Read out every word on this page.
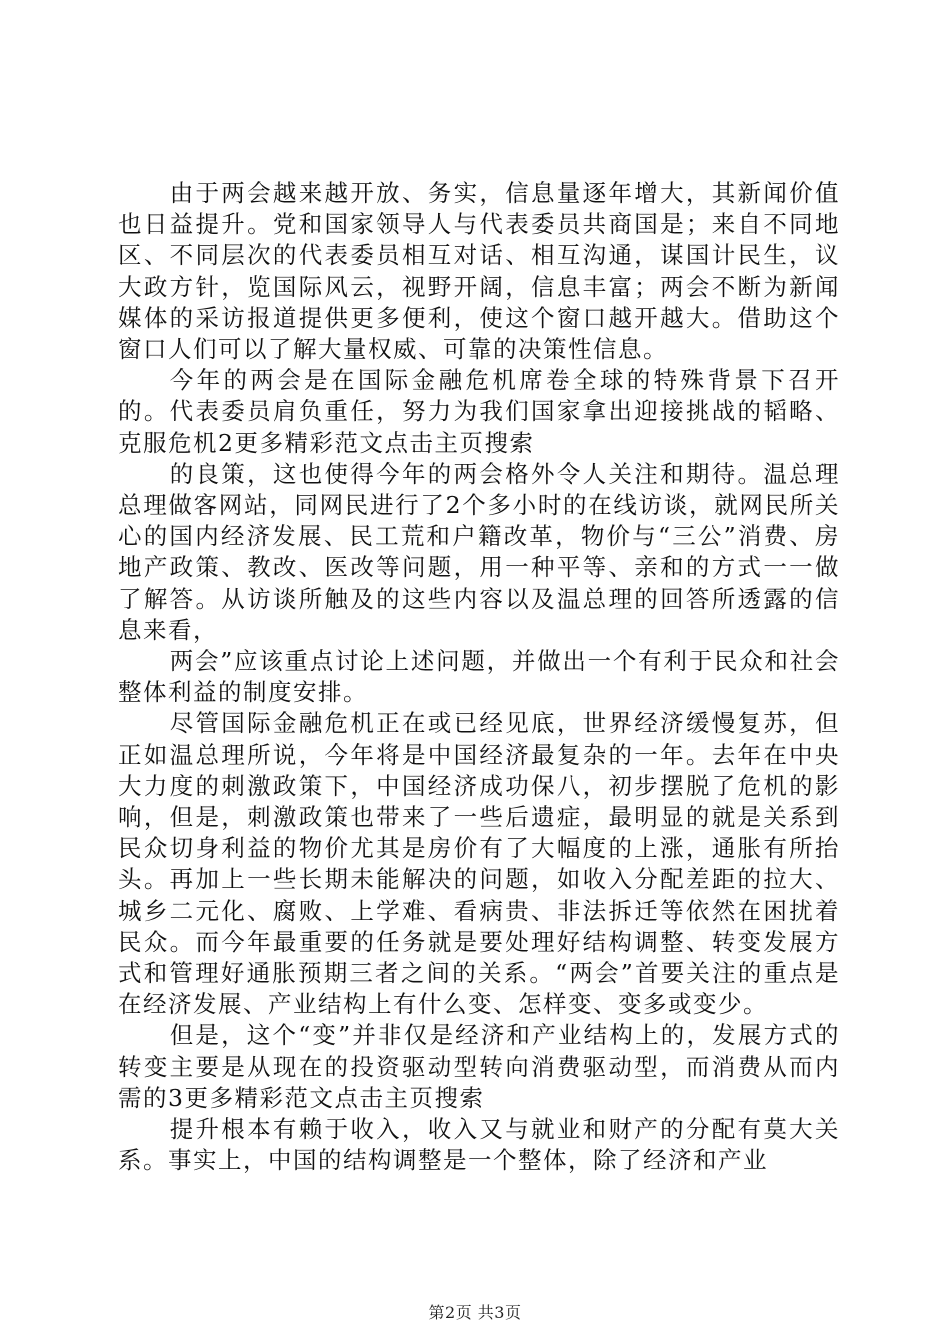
由于两会越来越开放、务实，信息量逐年增大，其新闻价值也日益提升。党和国家领导人与代表委员共商国是；来自不同地区、不同层次的代表委员相互对话、相互沟通，谋国计民生，议大政方针，览国际风云，视野开阔，信息丰富；两会不断为新闻媒体的采访报道提供更多便利，使这个窗口越开越大。借助这个窗口人们可以了解大量权威、可靠的决策性信息。

今年的两会是在国际金融危机席卷全球的特殊背景下召开的。代表委员肩负重任，努力为我们国家拿出迎接挑战的韬略、克服危机2更多精彩范文点击主页搜索

的良策，这也使得今年的两会格外令人关注和期待。温总理总理做客网站，同网民进行了2个多小时的在线访谈，就网民所关心的国内经济发展、民工荒和户籍改革，物价与“三公”消费、房地产政策、教改、医改等问题，用一种平等、亲和的方式一一做了解答。从访谈所触及的这些内容以及温总理的回答所透露的信息来看，

两会”应该重点讨论上述问题，并做出一个有利于民众和社会整体利益的制度安排。

尽管国际金融危机正在或已经见底，世界经济缓慢复苏，但正如温总理所说，今年将是中国经济最复杂的一年。去年在中央大力度的刺激政策下，中国经济成功保八，初步摆脱了危机的影响，但是，刺激政策也带来了一些后遗症，最明显的就是关系到民众切身利益的物价尤其是房价有了大幅度的上涨，通胀有所抬头。再加上一些长期未能解决的问题，如收入分配差距的拉大、城乡二元化、腐败、上学难、看病贵、非法拆迁等依然在困扰着民众。而今年最重要的任务就是要处理好结构调整、转变发展方式和管理好通胀预期三者之间的关系。“两会”首要关注的重点是在经济发展、产业结构上有什么变、怎样变、变多或变少。

但是，这个“变”并非仅是经济和产业结构上的，发展方式的转变主要是从现在的投资驱动型转向消费驱动型，而消费从而内需的3更多精彩范文点击主页搜索

提升根本有赖于收入，收入又与就业和财产的分配有莫大关系。事实上，中国的结构调整是一个整体，除了经济和产业

第2页 共3页
